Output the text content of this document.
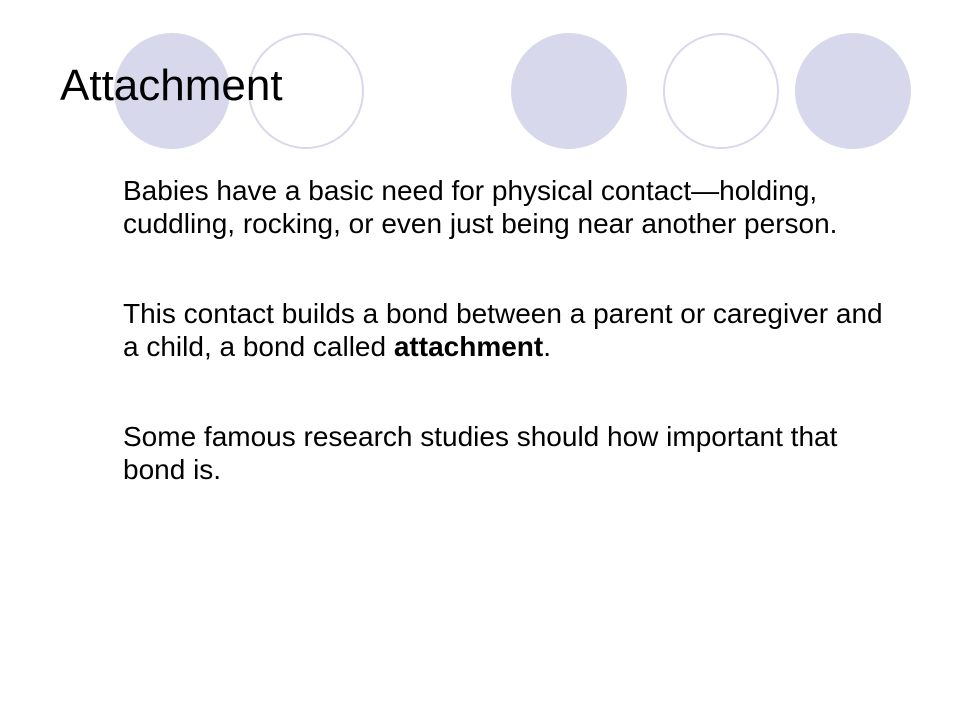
Attachment

Babies have a basic need for physical contact—holding, cuddling, rocking, or even just being near another person.

This contact builds a bond between a parent or caregiver and a child, a bond called attachment.

Some famous research studies should how important that bond is.
